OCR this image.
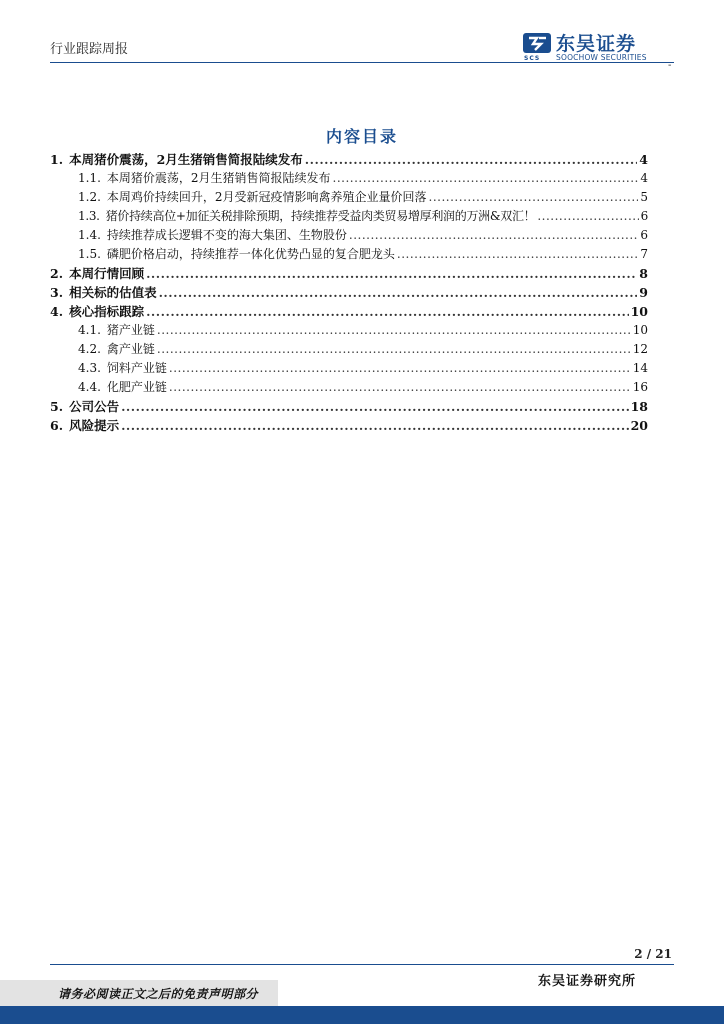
行业跟踪周报	东吴证券
SOOCHOW SECURITIES
SCS
-
内容目录
1. 本周猪价震荡，2月生猪销售简报陆续发布 .....	4
1.1. 本周猪价震荡，2月生猪销售简报陆续发布 .....	4
1.2. 本周鸡价持续回升，2月受新冠疫情影响禽养殖企业量价回落 .....	5
1.3. 猪价持续高位+加征关税排除预期，持续推荐受益肉类贸易增厚利润的万洲&双汇！ .....	6
1.4. 持续推荐成长逻辑不变的海大集团、生物股份 .....	6
1.5. 磷肥价格启动，持续推荐一体化优势凸显的复合肥龙头 .....	7
2. 本周行情回顾 .....	8
3. 相关标的估值表 .....	9
4. 核心指标跟踪 .....	10
4.1. 猪产业链 .....	10
4.2. 禽产业链 .....	12
4.3. 饲料产业链 .....	14
4.4. 化肥产业链 .....	16
5. 公司公告 .....	18
6. 风险提示 .....	20
2 / 21
东吴证券研究所
请务必阅读正文之后的免责声明部分
